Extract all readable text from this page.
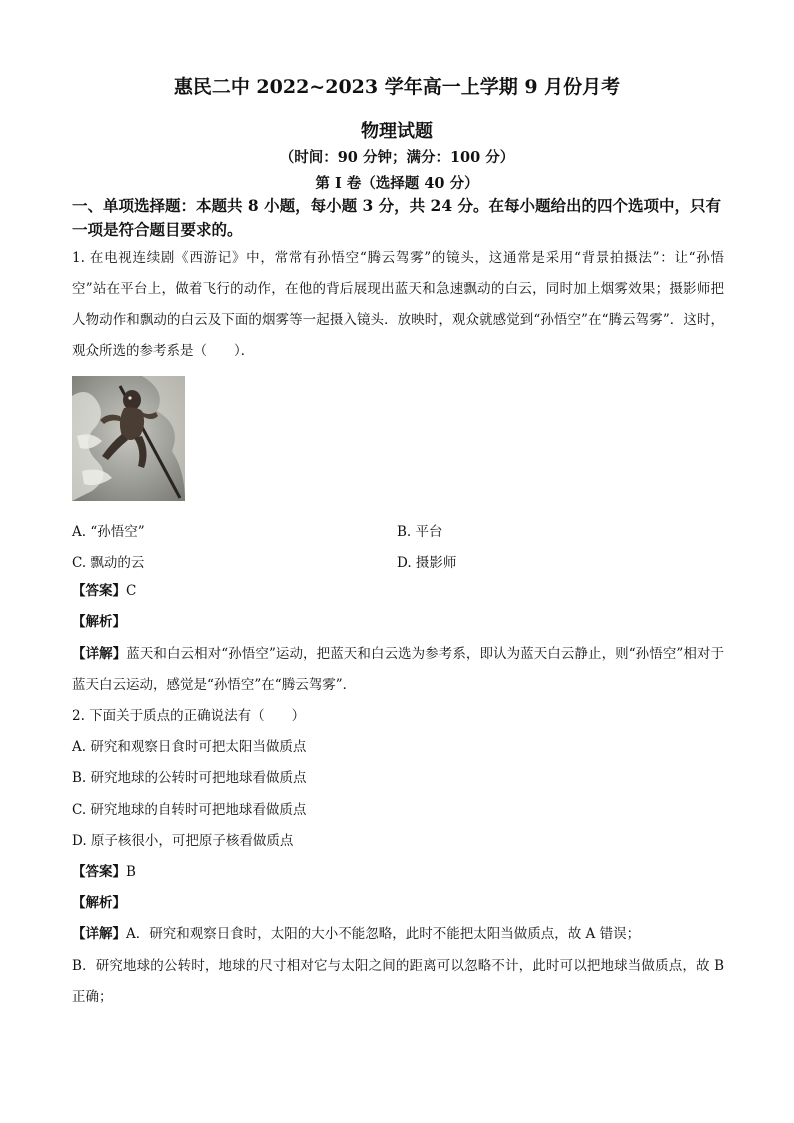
惠民二中 2022~2023 学年高一上学期 9 月份月考
物理试题
（时间：90 分钟；满分：100 分）
第 I 卷（选择题 40 分）
一、单项选择题：本题共 8 小题，每小题 3 分，共 24 分。在每小题给出的四个选项中，只有一项是符合题目要求的。
1. 在电视连续剧《西游记》中，常常有孙悟空“腾云驾雾”的镜头，这通常是采用“背景拍摄法”：让“孙悟空”站在平台上，做着飞行的动作，在他的背后展现出蓝天和急速飘动的白云，同时加上烟雾效果；摄影师把人物动作和飘动的白云及下面的烟雾等一起摄入镜头．放映时，观众就感觉到“孙悟空”在“腾云驾雾”．这时，观众所选的参考系是（　　）．
A. “孙悟空”	B. 平台
C. 飘动的云	D. 摄影师
【答案】C
【解析】
【详解】蓝天和白云相对“孙悟空”运动，把蓝天和白云选为参考系，即认为蓝天白云静止，则“孙悟空”相对于蓝天白云运动，感觉是“孙悟空”在“腾云驾雾”．
2. 下面关于质点的正确说法有（　　）
A. 研究和观察日食时可把太阳当做质点
B. 研究地球的公转时可把地球看做质点
C. 研究地球的自转时可把地球看做质点
D. 原子核很小，可把原子核看做质点
【答案】B
【解析】
【详解】A．研究和观察日食时，太阳的大小不能忽略，此时不能把太阳当做质点，故 A 错误；
B．研究地球的公转时，地球的尺寸相对它与太阳之间的距离可以忽略不计，此时可以把地球当做质点，故 B 正确；
